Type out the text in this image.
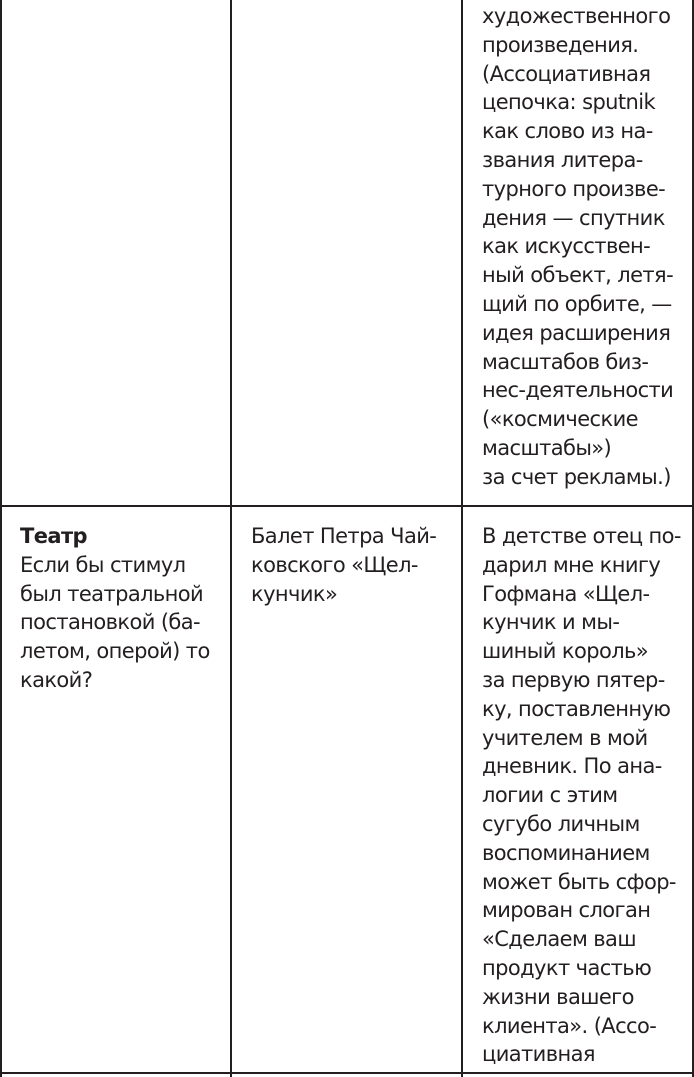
художественного
произведения.
(Ассоциативная
цепочка: sputnik
как слово из на-
звания литера-
турного произве-
дения — спутник
как искусствен-
ный объект, летя-
щий по орбите, —
идея расширения
масштабов биз-
нес-деятельности
(«космические
масштабы»)
за счет рекламы.)
Театр
Если бы стимул
был театральной
постановкой (ба-
летом, оперой) то
какой?
Балет Петра Чай-
ковского «Щел-
кунчик»
В детстве отец по-
дарил мне книгу
Гофмана «Щел-
кунчик и мы-
шиный король»
за первую пятер-
ку, поставленную
учителем в мой
дневник. По ана-
логии с этим
сугубо личным
воспоминанием
может быть сфор-
мирован слоган
«Сделаем ваш
продукт частью
жизни вашего
клиента». (Ассо-
циативная
